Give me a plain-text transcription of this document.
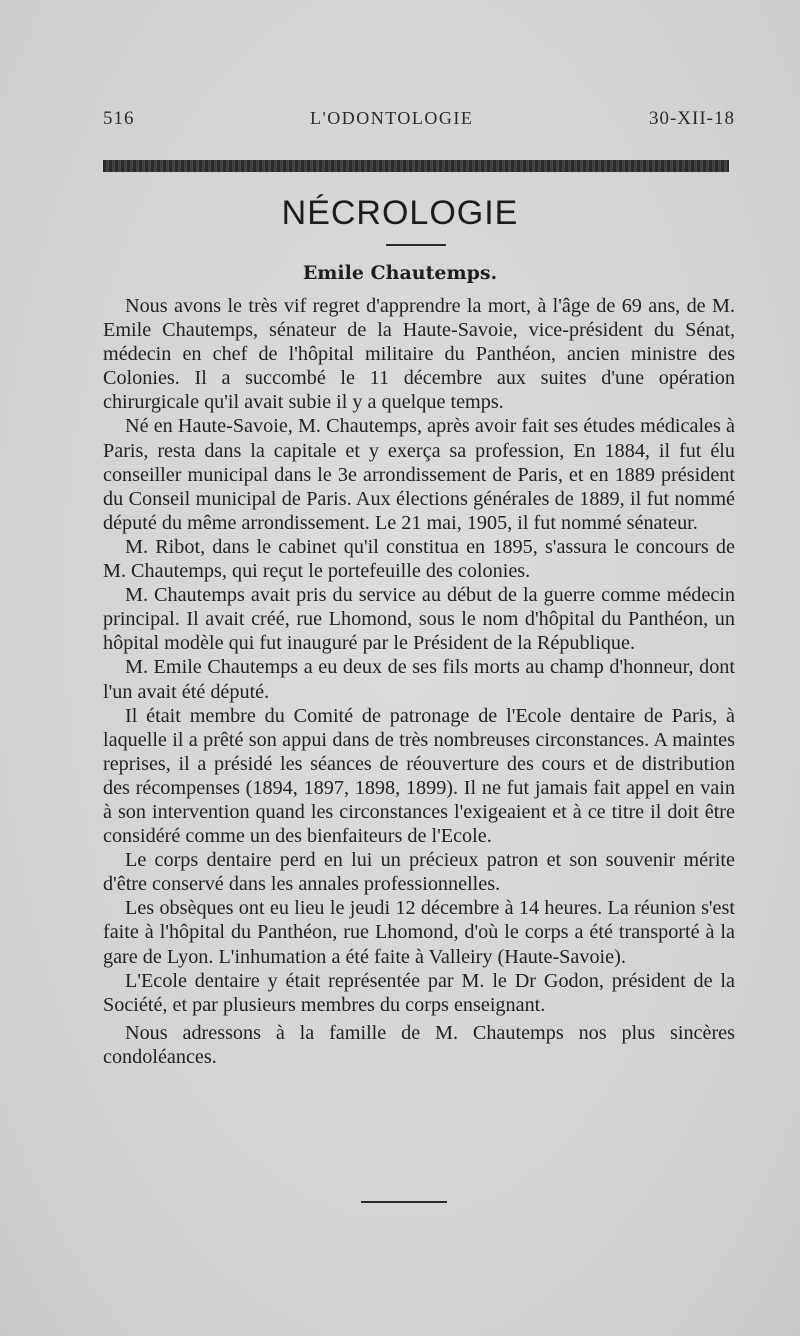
516	L'ODONTOLOGIE	30-XII-18
NÉCROLOGIE
Emile Chautemps.

Nous avons le très vif regret d'apprendre la mort, à l'âge de 69 ans, de M. Emile Chautemps, sénateur de la Haute-Savoie, vice-président du Sénat, médecin en chef de l'hôpital militaire du Panthéon, ancien ministre des Colonies. Il a succombé le 11 décembre aux suites d'une opération chirurgicale qu'il avait subie il y a quelque temps.

Né en Haute-Savoie, M. Chautemps, après avoir fait ses études médicales à Paris, resta dans la capitale et y exerça sa profession, En 1884, il fut élu conseiller municipal dans le 3e arrondissement de Paris, et en 1889 président du Conseil municipal de Paris. Aux élections générales de 1889, il fut nommé député du même arrondissement. Le 21 mai, 1905, il fut nommé sénateur.

M. Ribot, dans le cabinet qu'il constitua en 1895, s'assura le concours de M. Chautemps, qui reçut le portefeuille des colonies.

M. Chautemps avait pris du service au début de la guerre comme médecin principal. Il avait créé, rue Lhomond, sous le nom d'hôpital du Panthéon, un hôpital modèle qui fut inauguré par le Président de la République.

M. Emile Chautemps a eu deux de ses fils morts au champ d'honneur, dont l'un avait été député.

Il était membre du Comité de patronage de l'Ecole dentaire de Paris, à laquelle il a prêté son appui dans de très nombreuses circonstances. A maintes reprises, il a présidé les séances de réouverture des cours et de distribution des récompenses (1894, 1897, 1898, 1899). Il ne fut jamais fait appel en vain à son intervention quand les circonstances l'exigeaient et à ce titre il doit être considéré comme un des bienfaiteurs de l'Ecole.

Le corps dentaire perd en lui un précieux patron et son souvenir mérite d'être conservé dans les annales professionnelles.

Les obsèques ont eu lieu le jeudi 12 décembre à 14 heures. La réunion s'est faite à l'hôpital du Panthéon, rue Lhomond, d'où le corps a été transporté à la gare de Lyon. L'inhumation a été faite à Valleiry (Haute-Savoie).

L'Ecole dentaire y était représentée par M. le Dr Godon, président de la Société, et par plusieurs membres du corps enseignant.

Nous adressons à la famille de M. Chautemps nos plus sincères condoléances.
